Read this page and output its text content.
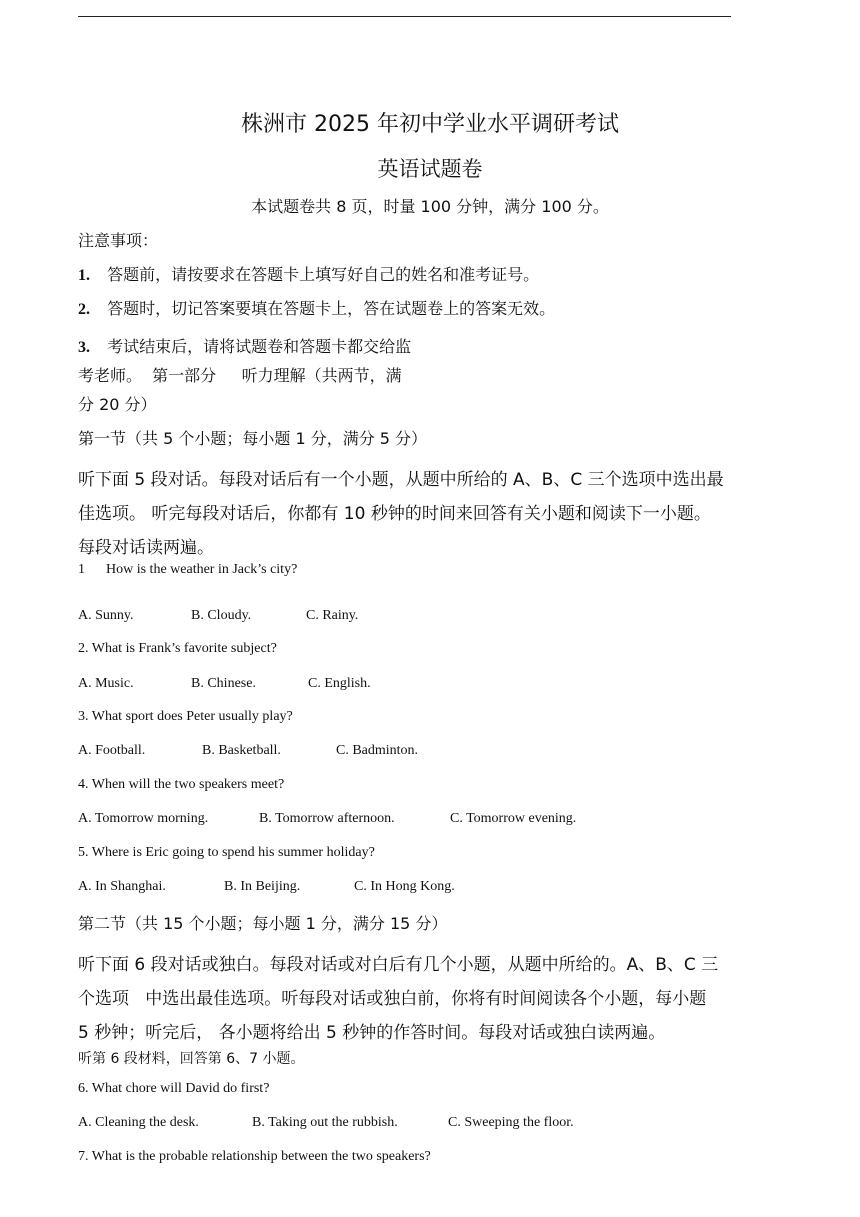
株洲市 2025 年初中学业水平调研考试
英语试题卷
本试题卷共 8 页，时量 100 分钟，满分 100 分。
注意事项：
1. 答题前，请按要求在答题卡上填写好自己的姓名和准考证号。
2. 答题时，切记答案要填在答题卡上，答在试题卷上的答案无效。
3. 考试结束后，请将试题卷和答题卡都交给监
考老师。  第一部分     听力理解（共两节，满
分 20 分）
第一节（共 5 个小题；每小题 1 分，满分 5 分）
听下面 5 段对话。每段对话后有一个小题，从题中所给的 A、B、C 三个选项中选出最
佳选项。 听完每段对话后，你都有 10 秒钟的时间来回答有关小题和阅读下一小题。
每段对话读两遍。
1      How is the weather in Jack’s city?
A. Sunny.	B. Cloudy.	C. Rainy.
2. What is Frank’s favorite subject?
A. Music.	B. Chinese.	C. English.
3. What sport does Peter usually play?
A. Football.	B. Basketball.	C. Badminton.
4. When will the two speakers meet?
A. Tomorrow morning.	B. Tomorrow afternoon.	C. Tomorrow evening.
5. Where is Eric going to spend his summer holiday?
A. In Shanghai.	B. In Beijing.	C. In Hong Kong.
第二节（共 15 个小题；每小题 1 分，满分 15 分）
听下面 6 段对话或独白。每段对话或对白后有几个小题，从题中所给的。A、B、C 三
个选项   中选出最佳选项。听每段对话或独白前，你将有时间阅读各个小题，每小题
5 秒钟；听完后， 各小题将给出 5 秒钟的作答时间。每段对话或独白读两遍。
听第 6 段材料，回答第 6、7 小题。
6. What chore will David do first?
A. Cleaning the desk.	B. Taking out the rubbish.	C. Sweeping the floor.
7. What is the probable relationship between the two speakers?
